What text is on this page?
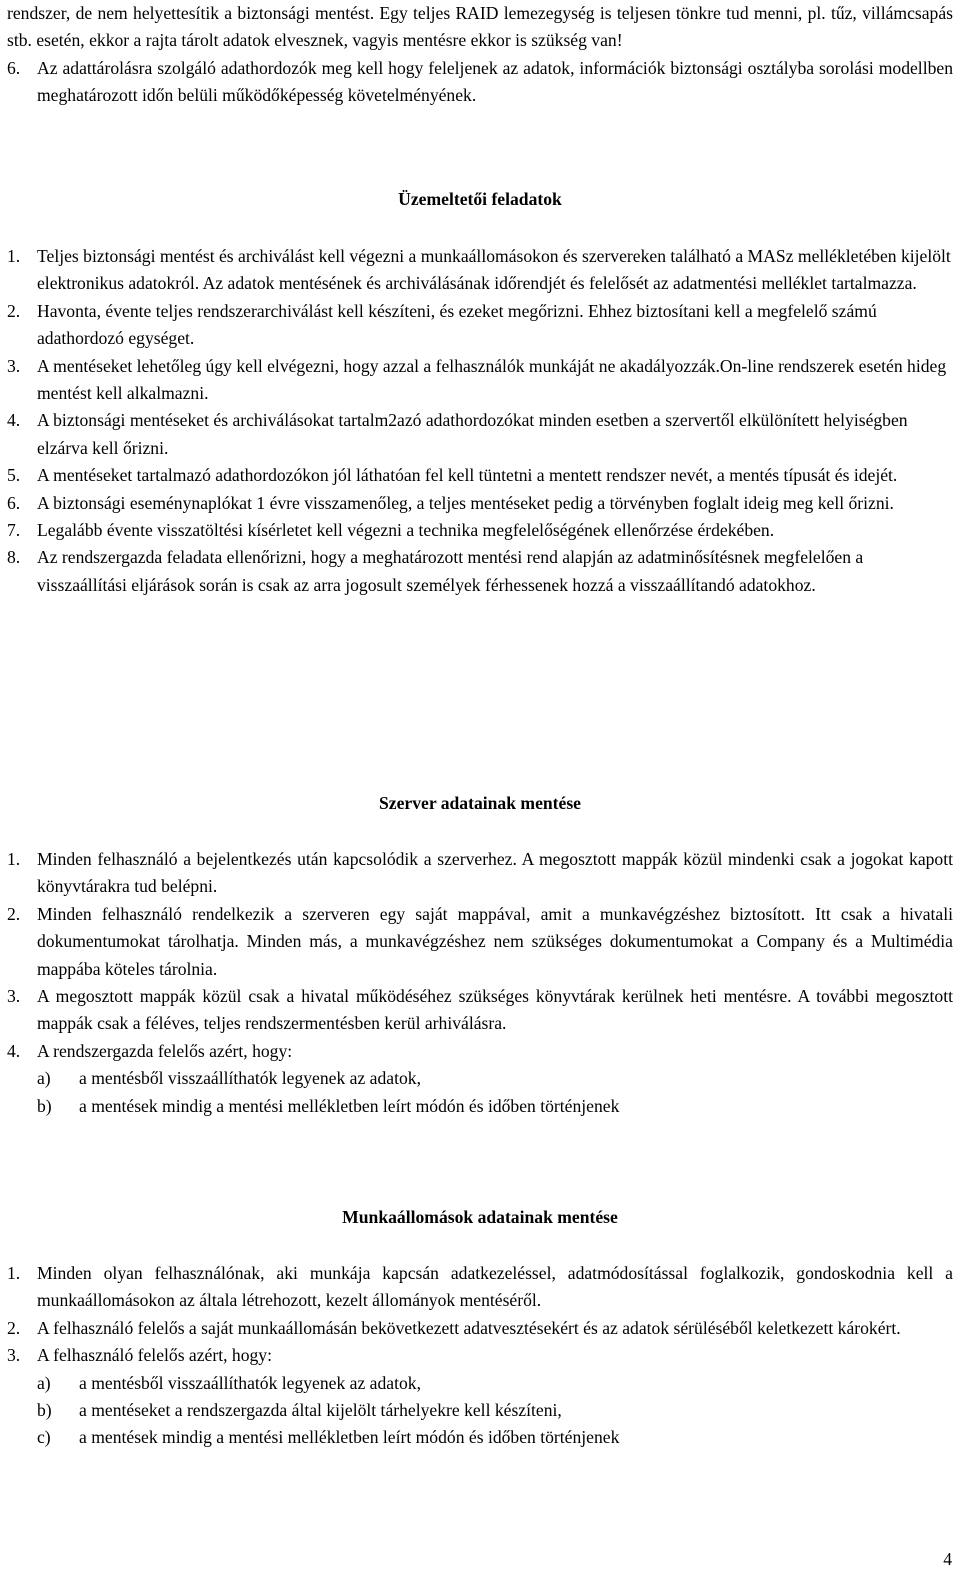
rendszer, de nem helyettesítik a biztonsági mentést. Egy teljes RAID lemezegység is teljesen tönkre tud menni, pl. tűz, villámcsapás stb. esetén, ekkor a rajta tárolt adatok elvesznek, vagyis mentésre ekkor is szükség van!

6. Az adattárolásra szolgáló adathordozók meg kell hogy feleljenek az adatok, információk biztonsági osztályba sorolási modellben meghatározott időn belüli működőképesség követelményének.

Üzemeltetői feladatok

1. Teljes biztonsági mentést és archiválást kell végezni a munkaállomásokon és szervereken található a MASz mellékletében kijelölt elektronikus adatokról. Az adatok mentésének és archiválásának időrendjét és felelősét az adatmentési melléklet tartalmazza.

2. Havonta, évente teljes rendszerarchiválást kell készíteni, és ezeket megőrizni. Ehhez biztosítani kell a megfelelő számú adathordozó egységet.

3. A mentéseket lehetőleg úgy kell elvégezni, hogy azzal a felhasználók munkáját ne akadályozzák.On-line rendszerek esetén hideg mentést kell alkalmazni.

4. A biztonsági mentéseket és archiválásokat tartalm2azó adathordozókat minden esetben a szervertől elkülönített helyiségben elzárva kell őrizni.

5. A mentéseket tartalmazó adathordozókon jól láthatóan fel kell tüntetni a mentett rendszer nevét, a mentés típusát és idejét.

6. A biztonsági eseménynaplókat 1 évre visszamenőleg, a teljes mentéseket pedig a törvényben foglalt ideig meg kell őrizni.

7. Legalább évente visszatöltési kísérletet kell végezni a technika megfelelőségének ellenőrzése érdekében.

8. Az rendszergazda feladata ellenőrizni, hogy a meghatározott mentési rend alapján az adatminősítésnek megfelelően a visszaállítási eljárások során is csak az arra jogosult személyek férhessenek hozzá a visszaállítandó adatokhoz.

Szerver adatainak mentése

1. Minden felhasználó a bejelentkezés után kapcsolódik a szerverhez. A megosztott mappák közül mindenki csak a jogokat kapott könyvtárakra tud belépni.

2. Minden felhasználó rendelkezik a szerveren egy saját mappával, amit a munkavégzéshez biztosított. Itt csak a hivatali dokumentumokat tárolhatja. Minden más, a munkavégzéshez nem szükséges dokumentumokat a Company és a Multimédia mappába köteles tárolnia.

3. A megosztott mappák közül csak a hivatal működéséhez szükséges könyvtárak kerülnek heti mentésre. A további megosztott mappák csak a féléves, teljes rendszermentésben kerül arhiválásra.

4. A rendszergazda felelős azért, hogy:

a) a mentésből visszaállíthatók legyenek az adatok,

b) a mentések mindig a mentési mellékletben leírt módón és időben történjenek

Munkaállomások adatainak mentése

1. Minden olyan felhasználónak, aki munkája kapcsán adatkezeléssel, adatmódosítással foglalkozik, gondoskodnia kell a munkaállomásokon az általa létrehozott, kezelt állományok mentéséről.

2. A felhasználó felelős a saját munkaállomásán bekövetkezett adatvesztésekért és az adatok sérüléséből keletkezett károkért.

3. A felhasználó felelős azért, hogy:

a) a mentésből visszaállíthatók legyenek az adatok,

b) a mentéseket a rendszergazda által kijelölt tárhelyekre kell készíteni,

c) a mentések mindig a mentési mellékletben leírt módón és időben történjenek

4
